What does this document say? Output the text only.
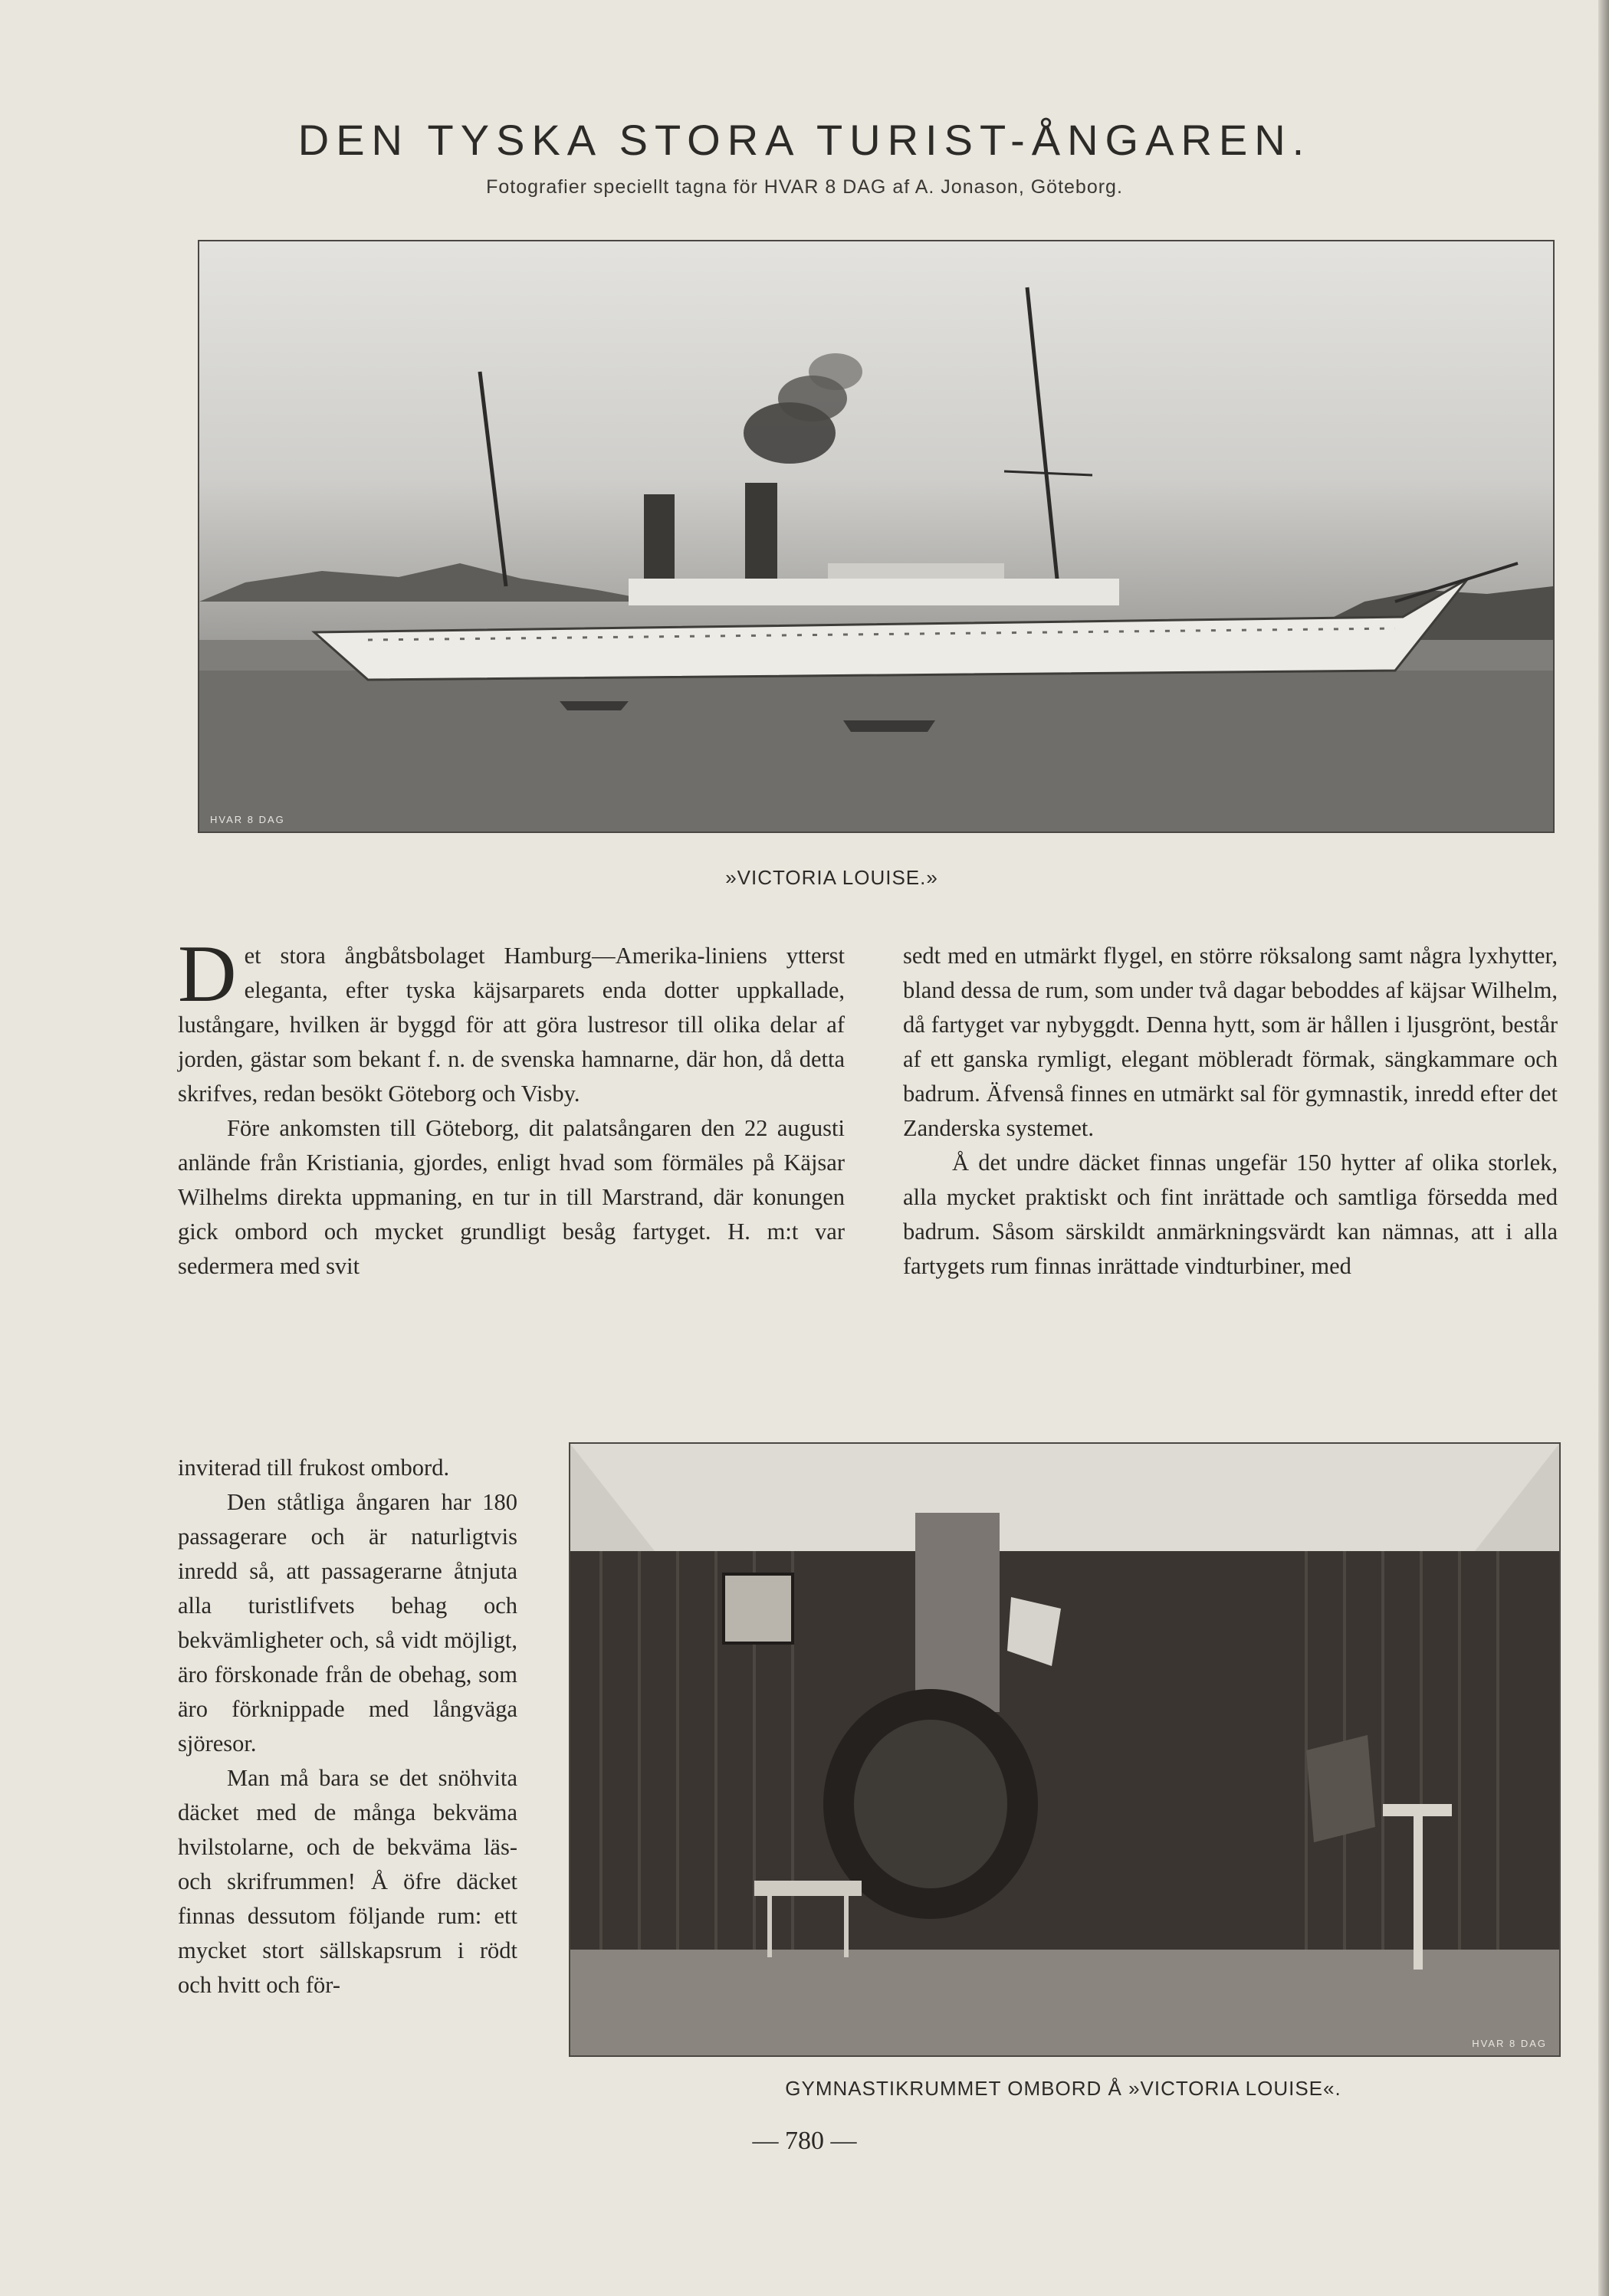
DEN TYSKA STORA TURIST-ÅNGAREN.
Fotografier speciellt tagna för HVAR 8 DAG af A. Jonason, Göteborg.
HVAR 8 DAG
»VICTORIA LOUISE.»

Det stora ångbåtsbolaget Hamburg—Amerika-liniens ytterst eleganta, efter tyska käjsarparets enda dotter uppkallade, lustångare, hvilken är byggd för att göra lustresor till olika delar af jorden, gästar som bekant f. n. de svenska hamnarne, där hon, då detta skrifves, redan besökt Göteborg och Visby.

Före ankomsten till Göteborg, dit palatsångaren den 22 augusti anlände från Kristiania, gjordes, enligt hvad som förmäles på Käjsar Wilhelms direkta uppmaning, en tur in till Marstrand, där konungen gick ombord och mycket grundligt besåg fartyget. H. m:t var sedermera med svit

sedt med en utmärkt flygel, en större röksalong samt några lyxhytter, bland dessa de rum, som under två dagar beboddes af käjsar Wilhelm, då fartyget var nybyggdt. Denna hytt, som är hållen i ljusgrönt, består af ett ganska rymligt, elegant möbleradt förmak, sängkammare och badrum. Äfvenså finnes en utmärkt sal för gymnastik, inredd efter det Zanderska systemet.

Å det undre däcket finnas ungefär 150 hytter af olika storlek, alla mycket praktiskt och fint inrättade och samtliga försedda med badrum. Såsom särskildt anmärkningsvärdt kan nämnas, att i alla fartygets rum finnas inrättade vindturbiner, med

inviterad till frukost ombord.

Den ståtliga ångaren har 180 passagerare och är naturligtvis inredd så, att passagerarne åtnjuta alla turistlifvets behag och bekvämligheter och, så vidt möjligt, äro förskonade från de obehag, som äro förknippade med långväga sjöresor.

Man må bara se det snöhvita däcket med de många bekväma hvilstolarne, och de bekväma läs- och skrifrummen! Å öfre däcket finnas dessutom följande rum: ett mycket stort sällskapsrum i rödt och hvitt och för-

HVAR 8 DAG
GYMNASTIKRUMMET OMBORD Å »VICTORIA LOUISE«.
— 780 —
